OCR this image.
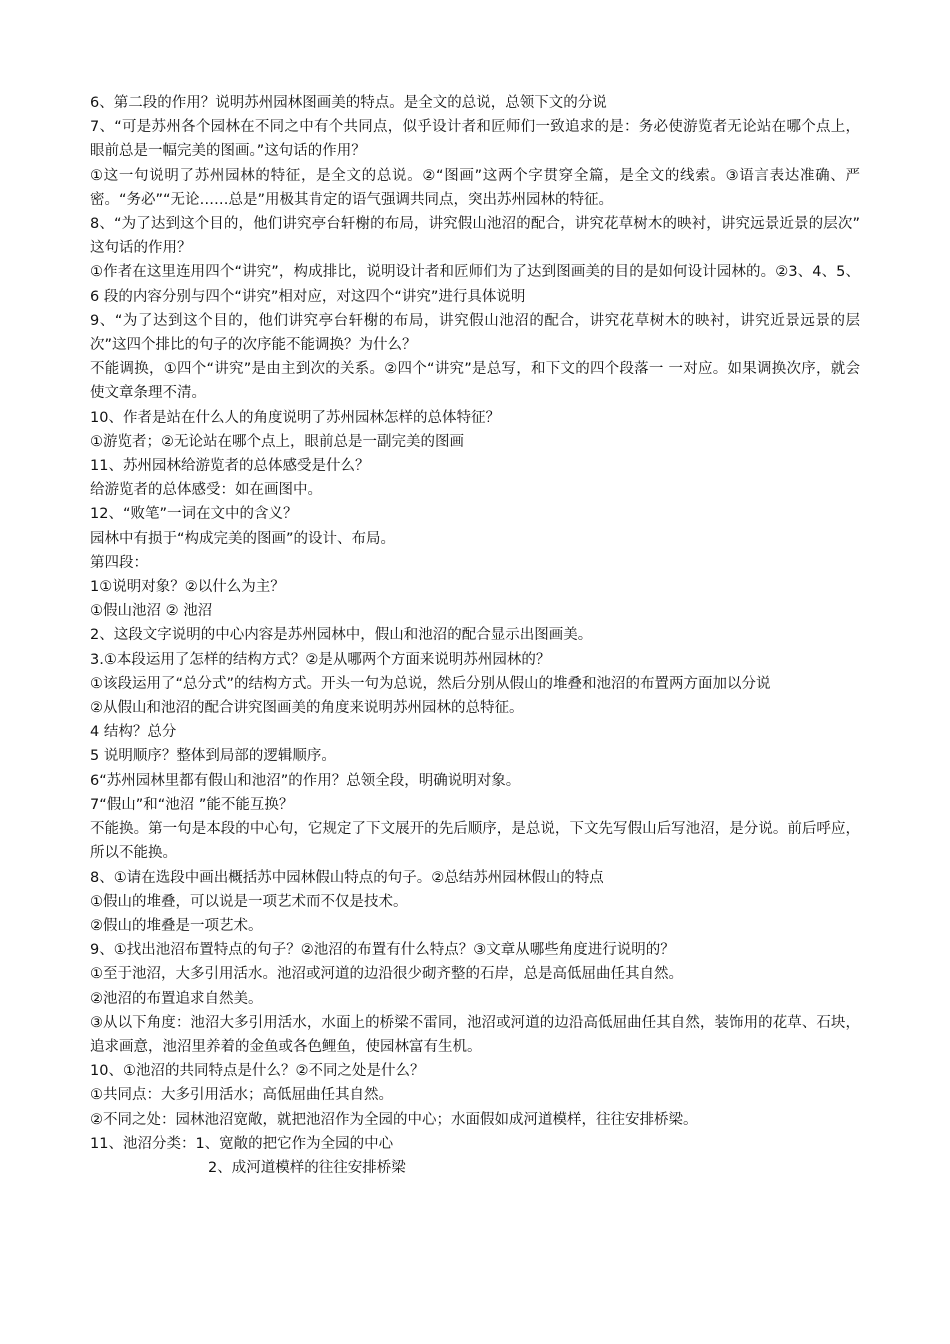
6、第二段的作用？说明苏州园林图画美的特点。是全文的总说，总领下文的分说

7、“可是苏州各个园林在不同之中有个共同点，似乎设计者和匠师们一致追求的是：务必使游览者无论站在哪个点上，眼前总是一幅完美的图画。”这句话的作用？

①这一句说明了苏州园林的特征，是全文的总说。②“图画”这两个字贯穿全篇，是全文的线索。③语言表达准确、严密。“务必”“无论……总是”用极其肯定的语气强调共同点，突出苏州园林的特征。

8、“为了达到这个目的，他们讲究亭台轩榭的布局，讲究假山池沼的配合，讲究花草树木的映衬，讲究远景近景的层次” 这句话的作用？

①作者在这里连用四个“讲究”，构成排比，说明设计者和匠师们为了达到图画美的目的是如何设计园林的。②3、4、5、6 段的内容分别与四个“讲究”相对应，对这四个“讲究”进行具体说明

9、“为了达到这个目的，他们讲究亭台轩榭的布局，讲究假山池沼的配合，讲究花草树木的映衬，讲究近景远景的层次”这四个排比的句子的次序能不能调换？为什么？

不能调换，①四个“讲究”是由主到次的关系。②四个“讲究”是总写，和下文的四个段落一 一对应。如果调换次序，就会使文章条理不清。

10、作者是站在什么人的角度说明了苏州园林怎样的总体特征？

①游览者；②无论站在哪个点上，眼前总是一副完美的图画

11、苏州园林给游览者的总体感受是什么？

给游览者的总体感受：如在画图中。

12、“败笔”一词在文中的含义？

园林中有损于“构成完美的图画”的设计、布局。

第四段：

1①说明对象？②以什么为主？

①假山池沼 ② 池沼

2、这段文字说明的中心内容是苏州园林中，假山和池沼的配合显示出图画美。

3.①本段运用了怎样的结构方式？②是从哪两个方面来说明苏州园林的？

①该段运用了“总分式”的结构方式。开头一句为总说，然后分别从假山的堆叠和池沼的布置两方面加以分说

②从假山和池沼的配合讲究图画美的角度来说明苏州园林的总特征。

4 结构？总分

5 说明顺序？整体到局部的逻辑顺序。

6“苏州园林里都有假山和池沼”的作用？总领全段，明确说明对象。

7“假山”和“池沼 ”能不能互换？

不能换。第一句是本段的中心句，它规定了下文展开的先后顺序，是总说，下文先写假山后写池沼，是分说。前后呼应，所以不能换。

8、①请在选段中画出概括苏中园林假山特点的句子。②总结苏州园林假山的特点

①假山的堆叠，可以说是一项艺术而不仅是技术。

②假山的堆叠是一项艺术。

9、①找出池沼布置特点的句子？②池沼的布置有什么特点？③文章从哪些角度进行说明的？

①至于池沼，大多引用活水。池沼或河道的边沿很少砌齐整的石岸，总是高低屈曲任其自然。

②池沼的布置追求自然美。

③从以下角度：池沼大多引用活水，水面上的桥梁不雷同，池沼或河道的边沿高低屈曲任其自然，装饰用的花草、石块，追求画意，池沼里养着的金鱼或各色鲤鱼，使园林富有生机。

10、①池沼的共同特点是什么？②不同之处是什么？

①共同点：大多引用活水；高低屈曲任其自然。

②不同之处：园林池沼宽敞，就把池沼作为全园的中心；水面假如成河道模样，往往安排桥梁。

11、池沼分类：1、宽敞的把它作为全园的中心

2、成河道模样的往往安排桥梁
